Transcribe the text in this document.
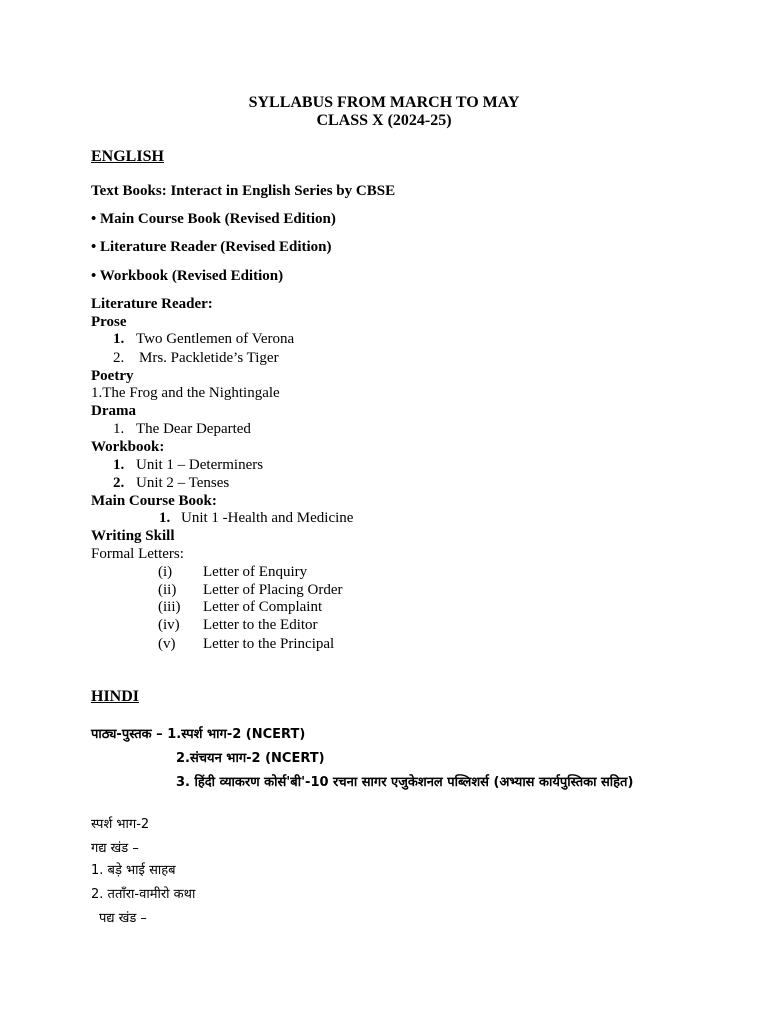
SYLLABUS FROM MARCH TO MAY
CLASS X (2024-25)
ENGLISH
Text Books: Interact in English Series by CBSE
• Main Course Book (Revised Edition)
• Literature Reader (Revised Edition)
• Workbook (Revised Edition)
Literature Reader:
Prose
1. Two Gentlemen of Verona
2. Mrs. Packletide’s Tiger
Poetry
1.The Frog and the Nightingale
Drama
1. The Dear Departed
Workbook:
1. Unit 1 – Determiners
2. Unit 2 – Tenses
Main Course Book:
1. Unit 1 -Health and Medicine
Writing Skill
Formal Letters:
(i) Letter of Enquiry
(ii) Letter of Placing Order
(iii) Letter of Complaint
(iv) Letter to the Editor
(v) Letter to the Principal
HINDI
पाठ्य-पुस्तक – 1.स्पर्श भाग-2 (NCERT)
2.संचयन भाग-2 (NCERT)
3. हिंदी व्याकरण कोर्स'बी'-10 रचना सागर एजुकेशनल पब्लिशर्स (अभ्यास कार्यपुस्तिका सहित)
स्पर्श भाग-2
गद्य खंड –
1. बड़े भाई साहब
2. तताँरा-वामीरो कथा
पद्य खंड –
